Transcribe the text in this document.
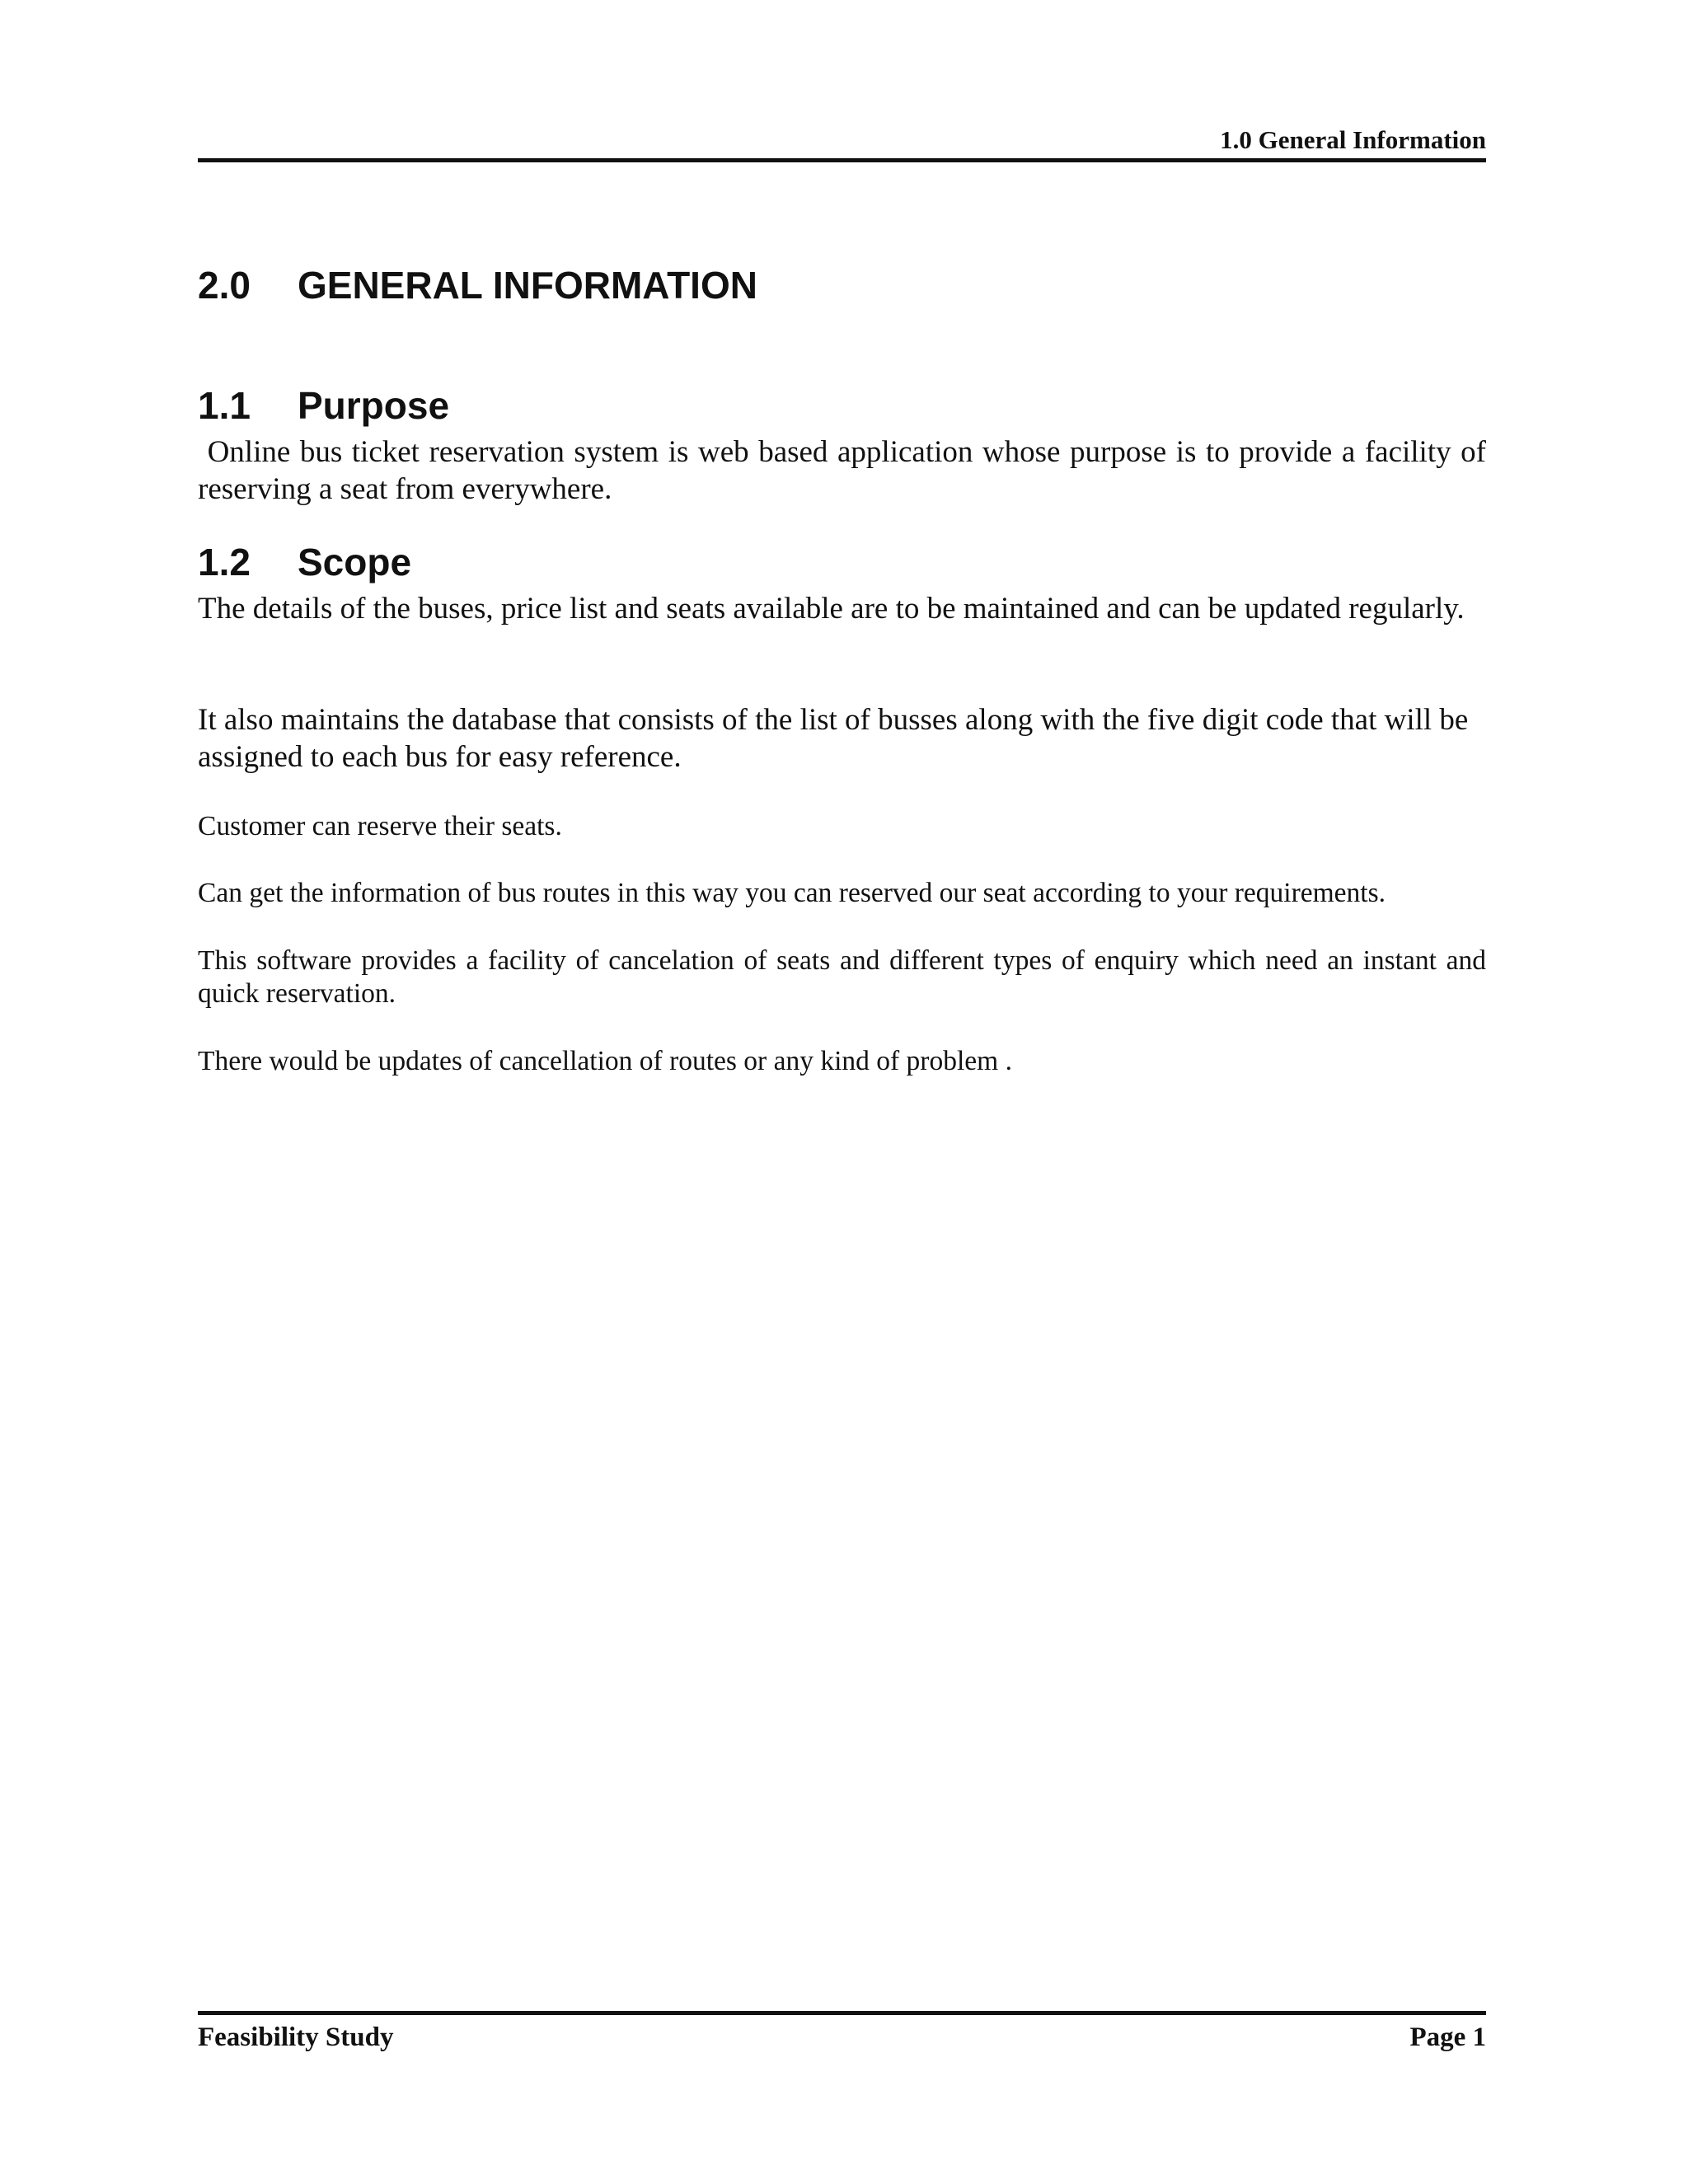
1.0 General Information
2.0 GENERAL INFORMATION
1.1 Purpose

Online bus ticket reservation system is web based application whose purpose is to provide a facility of reserving a seat from everywhere.

1.2 Scope

The details of the buses, price list and seats available are to be maintained and can be updated regularly.

It also maintains the database that consists of the list of busses along with the five digit code that will be assigned to each bus for easy reference.

Customer can reserve their seats.

Can get the information of bus routes in this way you can reserved our seat according to your requirements.

This software provides a facility of cancelation of seats and different types of enquiry which need an instant and quick reservation.

There would be updates of cancellation of routes or any kind of problem .

Feasibility Study	Page 1
